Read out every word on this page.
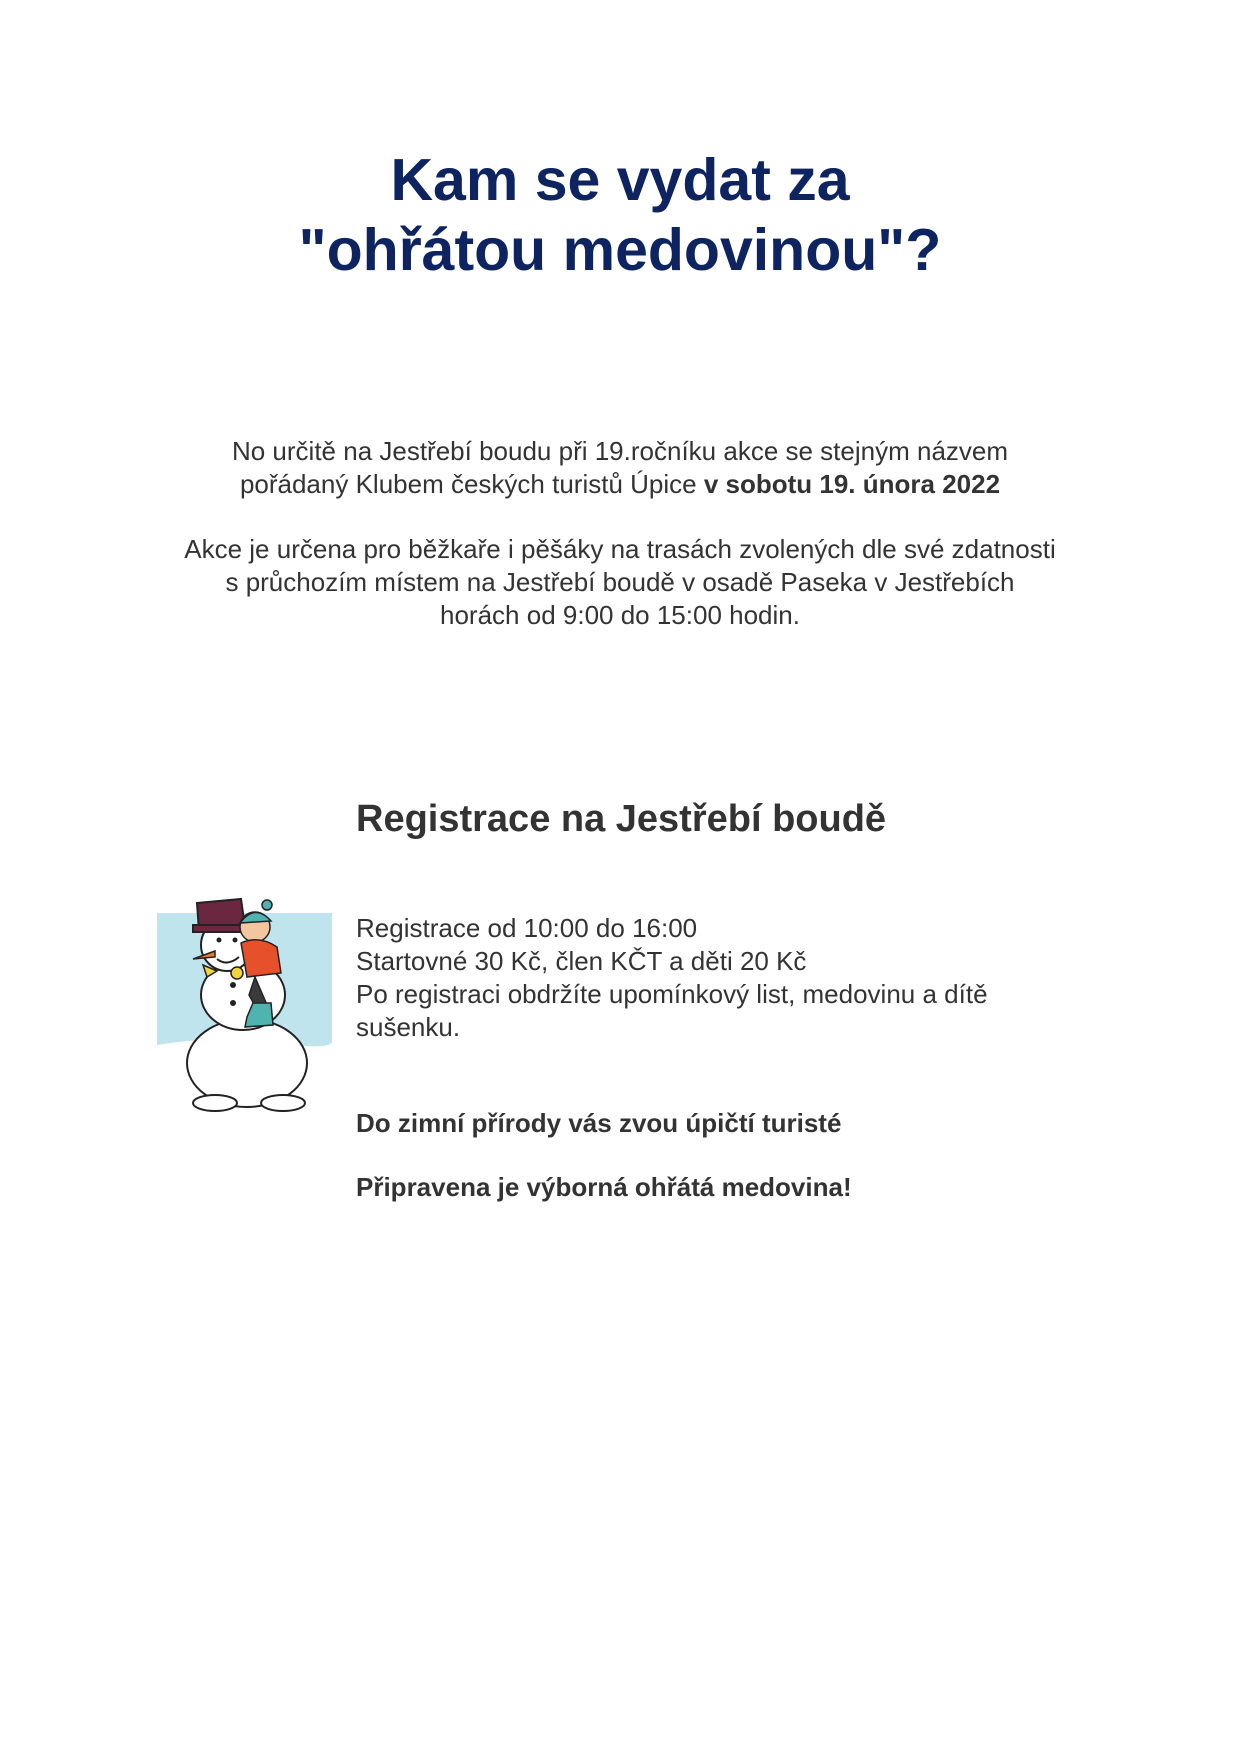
Kam se vydat za
"ohřátou medovinou"?

No určitě na Jestřebí boudu při 19.ročníku akce se stejným názvem
pořádaný Klubem českých turistů Úpice v sobotu 19. února 2022

Akce je určena pro běžkaře i pěšáky na trasách zvolených dle své zdatnosti
s průchozím místem na Jestřebí boudě v osadě Paseka v Jestřebích
horách od 9:00 do 15:00 hodin.

Registrace na Jestřebí boudě

Registrace od 10:00 do 16:00
Startovné 30 Kč, člen KČT a děti 20 Kč
Po registraci obdržíte upomínkový list, medovinu a dítě
sušenku.

Do zimní přírody vás zvou úpičtí turisté

Připravena je výborná ohřátá medovina!
